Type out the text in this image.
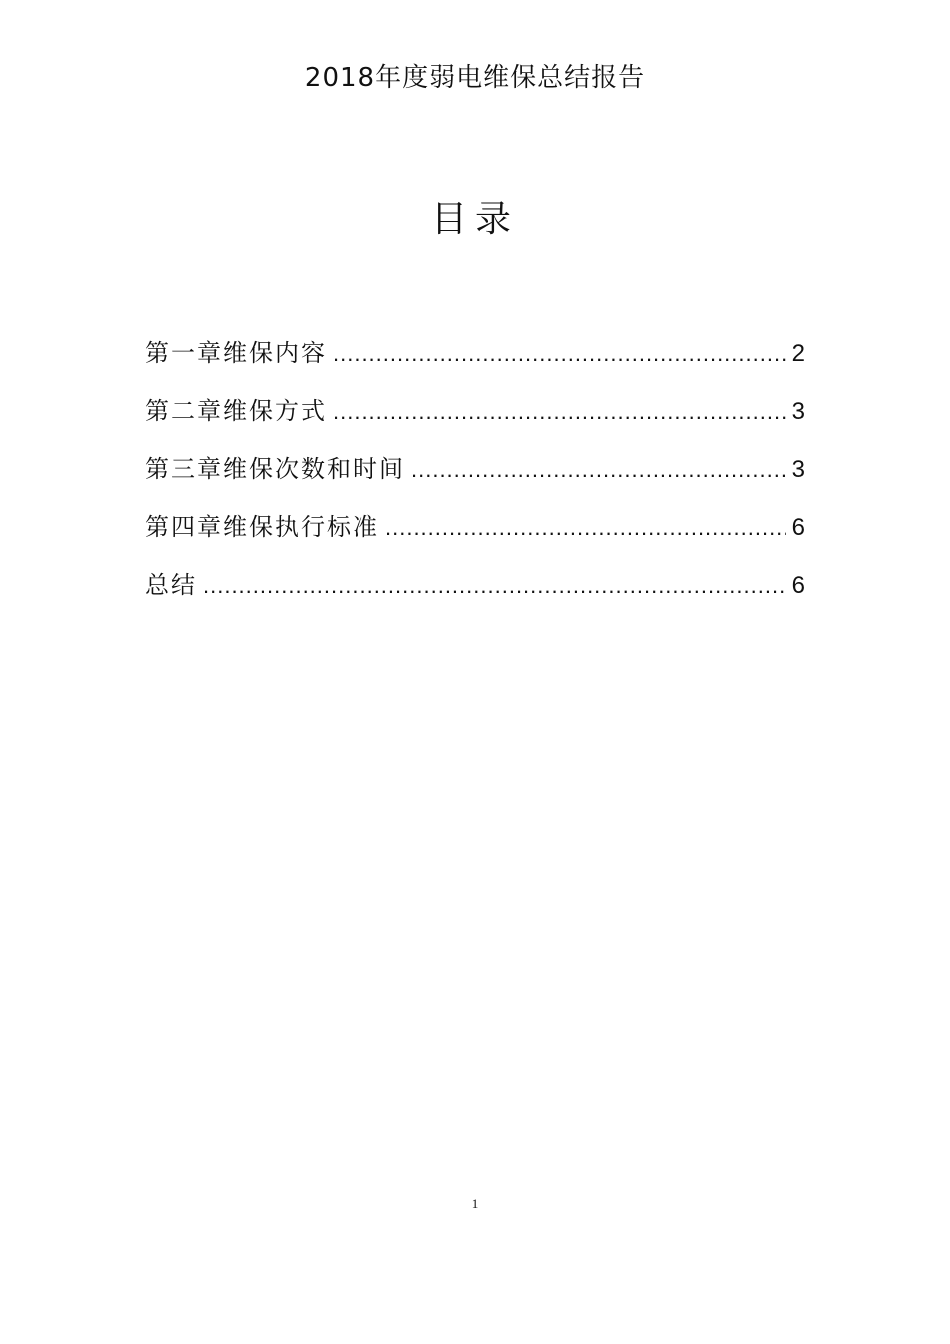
2018年度弱电维保总结报告
目录
第一章维保内容 .....	2
第二章维保方式 .....	3
第三章维保次数和时间 .....	3
第四章维保执行标准 .....	6
总结 .....	6
1
